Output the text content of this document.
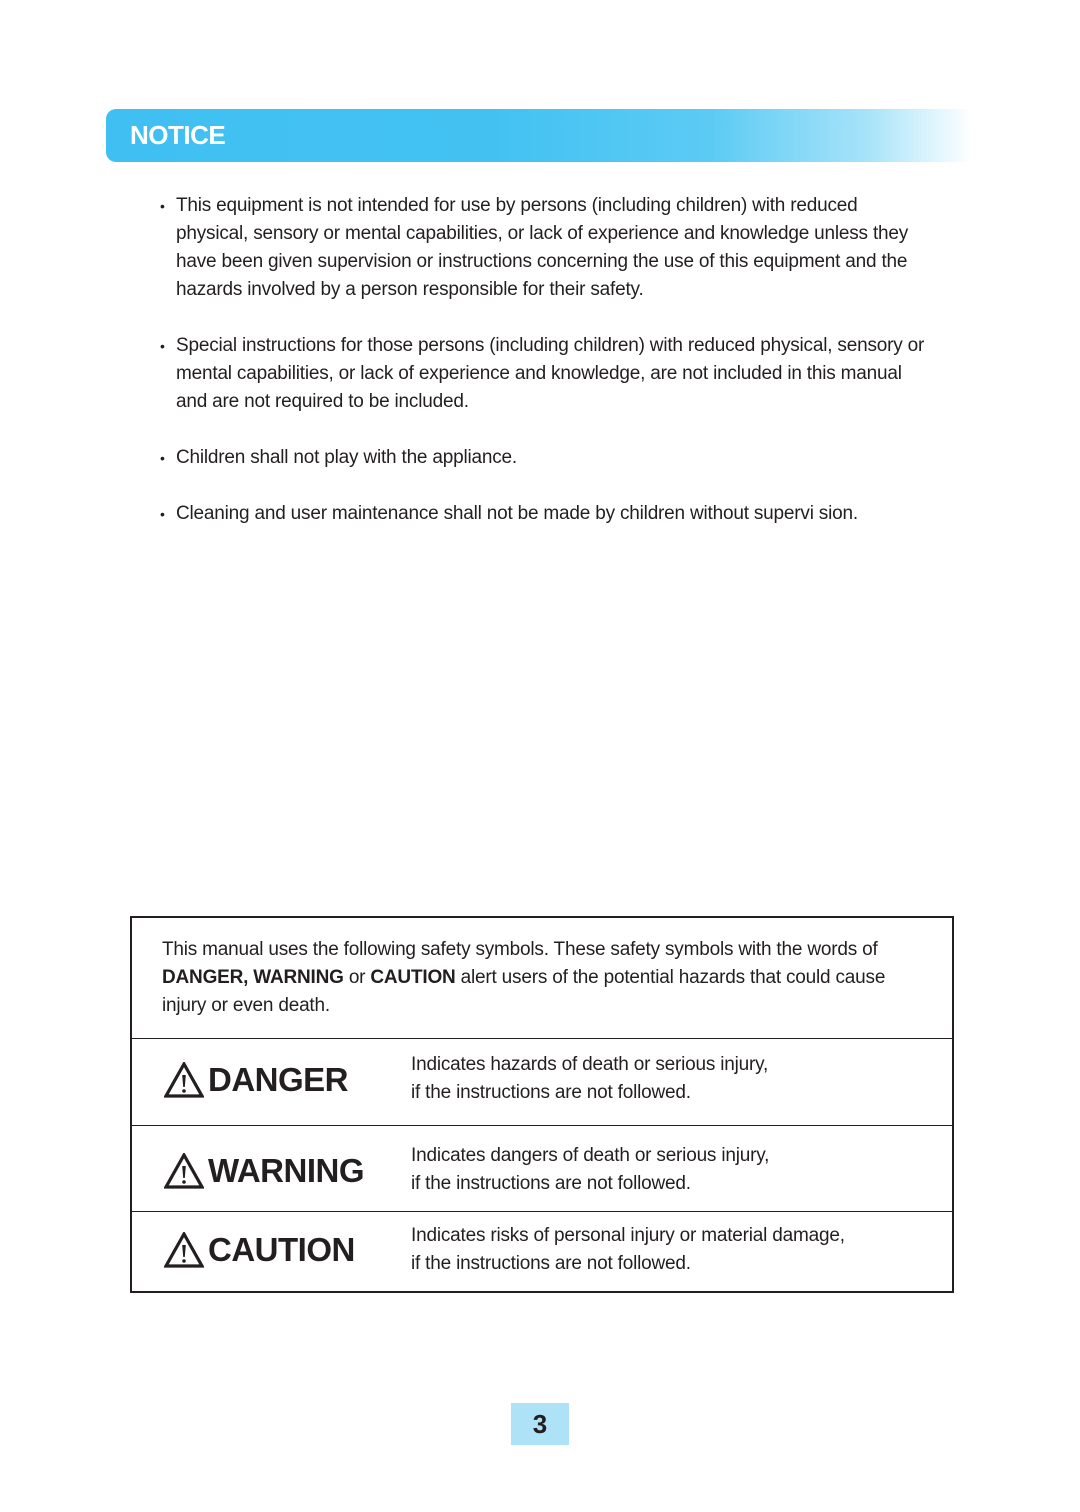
NOTICE
• This equipment is not intended for use by persons (including children) with reduced physical, sensory or mental capabilities, or lack of experience and knowledge unless they have been given supervision or instructions concerning the use of this equipment and the hazards involved by a person responsible for their safety.
• Special instructions for those persons (including children) with reduced physical, sensory or mental capabilities, or lack of experience and knowledge, are not included in this manual and are not required to be included.
• Children shall not play with the appliance.
• Cleaning and user maintenance shall not be made by children without supervi sion.
This manual uses the following safety symbols. These safety symbols with the words of DANGER, WARNING or CAUTION alert users of the potential hazards that could cause injury or even death.
DANGER	Indicates hazards of death or serious injury,
if the instructions are not followed.
WARNING Indicates dangers of death or serious injury,
if the instructions are not followed.
CAUTION	Indicates risks of personal injury or material damage,
if the instructions are not followed.
3
